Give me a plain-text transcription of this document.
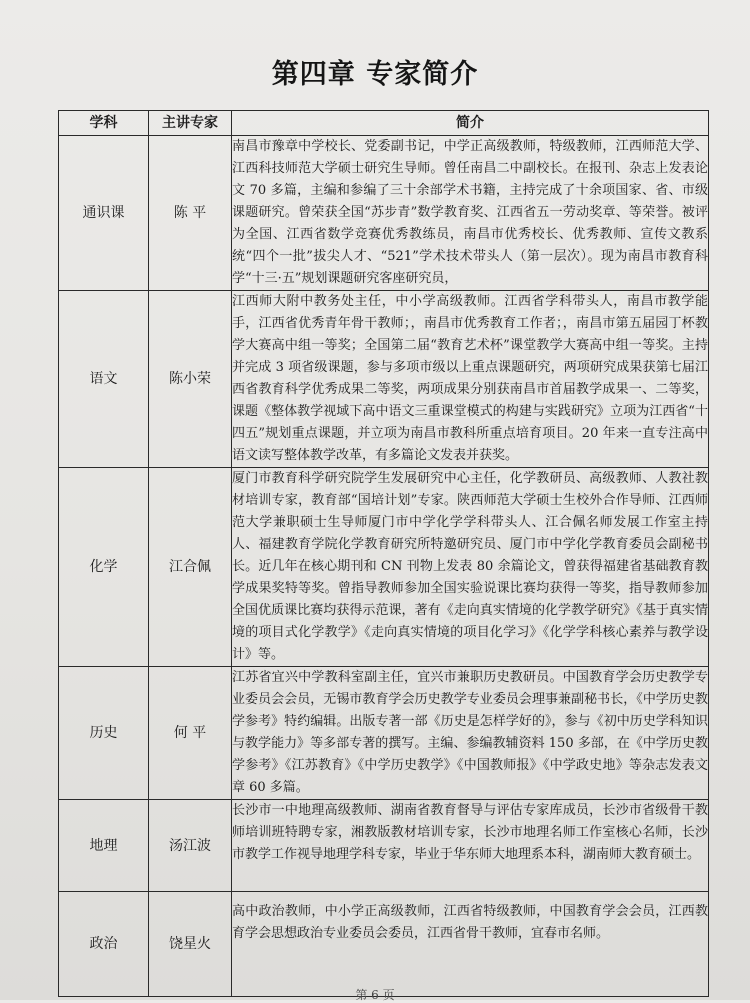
第四章 专家简介
学科	主讲专家	简介
通识课	陈 平	南昌市豫章中学校长、党委副书记，中学正高级教师，特级教师，江西师范大学、江西科技师范大学硕士研究生导师。曾任南昌二中副校长。在报刊、杂志上发表论文 70 多篇，主编和参编了三十余部学术书籍，主持完成了十余项国家、省、市级课题研究。曾荣获全国“苏步青”数学教育奖、江西省五一劳动奖章、等荣誉。被评为全国、江西省数学竞赛优秀教练员，南昌市优秀校长、优秀教师、宣传文教系统“四个一批”拔尖人才、“521”学术技术带头人（第一层次）。现为南昌市教育科学“十三·五”规划课题研究客座研究员，
语文	陈小荣	江西师大附中教务处主任，中小学高级教师。江西省学科带头人，南昌市教学能手，江西省优秀青年骨干教师；，南昌市优秀教育工作者；，南昌市第五届园丁杯教学大赛高中组一等奖；全国第二届“教育艺术杯”课堂教学大赛高中组一等奖。主持并完成 3 项省级课题，参与多项市级以上重点课题研究，两项研究成果获第七届江西省教育科学优秀成果二等奖，两项成果分别获南昌市首届教学成果一、二等奖，课题《整体教学视域下高中语文三重课堂模式的构建与实践研究》立项为江西省“十四五”规划重点课题，并立项为南昌市教科所重点培育项目。20 年来一直专注高中语文读写整体教学改革，有多篇论文发表并获奖。
化学	江合佩	厦门市教育科学研究院学生发展研究中心主任，化学教研员、高级教师、人教社教材培训专家，教育部“国培计划”专家。陕西师范大学硕士生校外合作导师、江西师范大学兼职硕士生导师厦门市中学化学学科带头人、江合佩名师发展工作室主持人、福建教育学院化学教育研究所特邀研究员、厦门市中学化学教育委员会副秘书长。近几年在核心期刊和 CN 刊物上发表 80 余篇论文，曾获得福建省基础教育教学成果奖特等奖。曾指导教师参加全国实验说课比赛均获得一等奖，指导教师参加全国优质课比赛均获得示范课，著有《走向真实情境的化学教学研究》《基于真实情境的项目式化学教学》《走向真实情境的项目化学习》《化学学科核心素养与教学设计》等。
历史	何 平	江苏省宜兴中学教科室副主任，宜兴市兼职历史教研员。中国教育学会历史教学专业委员会会员，无锡市教育学会历史教学专业委员会理事兼副秘书长，《中学历史教学参考》特约编辑。出版专著一部《历史是怎样学好的》，参与《初中历史学科知识与教学能力》等多部专著的撰写。主编、参编教辅资料 150 多部，在《中学历史教学参考》《江苏教育》《中学历史教学》《中国教师报》《中学政史地》等杂志发表文章 60 多篇。
地理	汤江波	长沙市一中地理高级教师、湖南省教育督导与评估专家库成员，长沙市省级骨干教师培训班特聘专家，湘教版教材培训专家，长沙市地理名师工作室核心名师，长沙市教学工作视导地理学科专家，毕业于华东师大地理系本科，湖南师大教育硕士。
政治	饶星火	高中政治教师，中小学正高级教师，江西省特级教师，中国教育学会会员，江西教育学会思想政治专业委员会委员，江西省骨干教师，宜春市名师。
第 6 页
